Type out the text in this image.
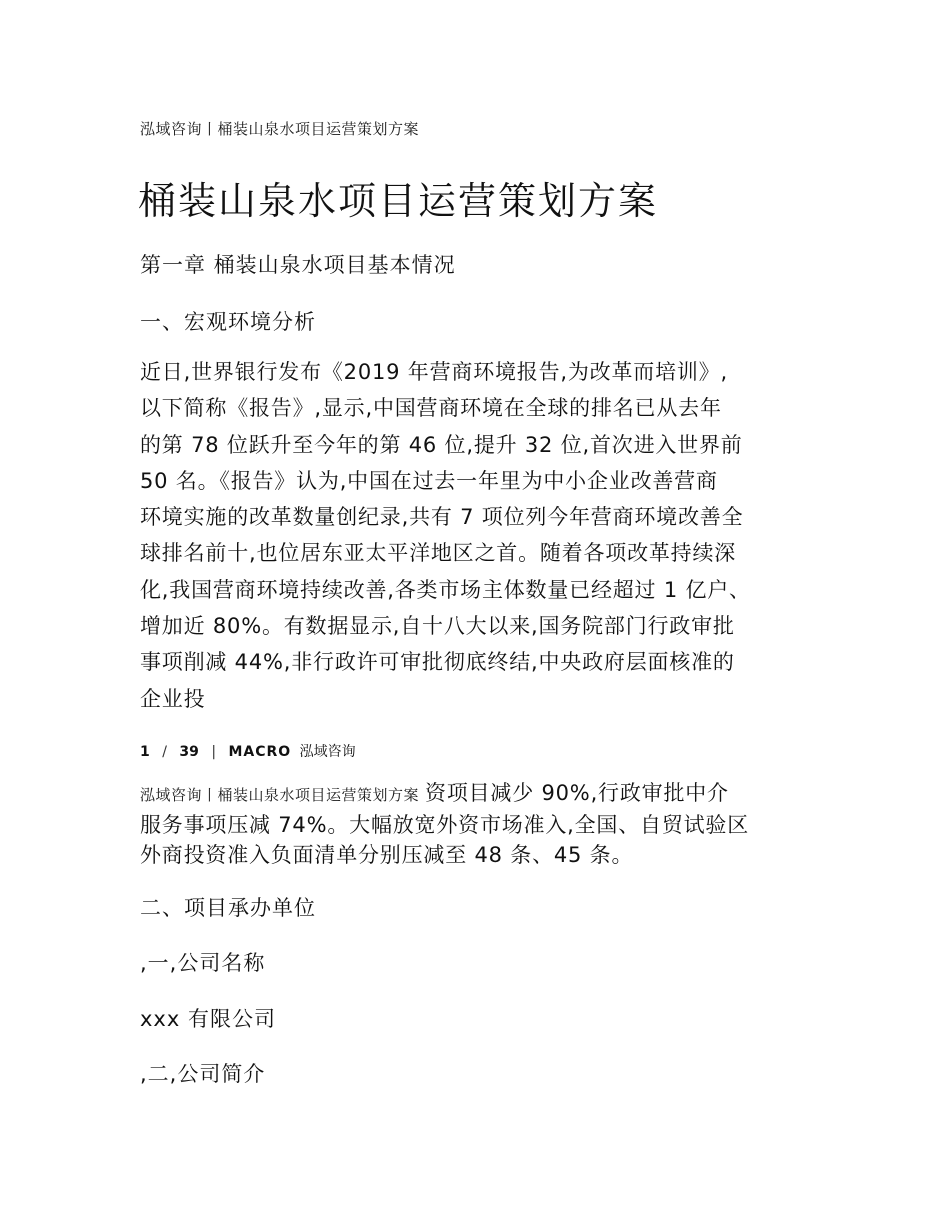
泓域咨询丨桶装山泉水项目运营策划方案
桶装山泉水项目运营策划方案
第一章 桶装山泉水项目基本情况
一、宏观环境分析

近日,世界银行发布《2019 年营商环境报告,为改革而培训》,
以下简称《报告》,显示,中国营商环境在全球的排名已从去年
的第 78 位跃升至今年的第 46 位,提升 32 位,首次进入世界前
50 名。《报告》认为,中国在过去一年里为中小企业改善营商
环境实施的改革数量创纪录,共有 7 项位列今年营商环境改善全
球排名前十,也位居东亚太平洋地区之首。随着各项改革持续深
化,我国营商环境持续改善,各类市场主体数量已经超过 1 亿户、
增加近 80%。有数据显示,自十八大以来,国务院部门行政审批
事项削减 44%,非行政许可审批彻底终结,中央政府层面核准的
企业投

1 / 39 | MACRO 泓域咨询

泓域咨询丨桶装山泉水项目运营策划方案 资项目减少 90%,行政审批中介
服务事项压减 74%。大幅放宽外资市场准入,全国、自贸试验区
外商投资准入负面清单分别压减至 48 条、45 条。

二、项目承办单位
,一,公司名称
xxx 有限公司
,二,公司简介
